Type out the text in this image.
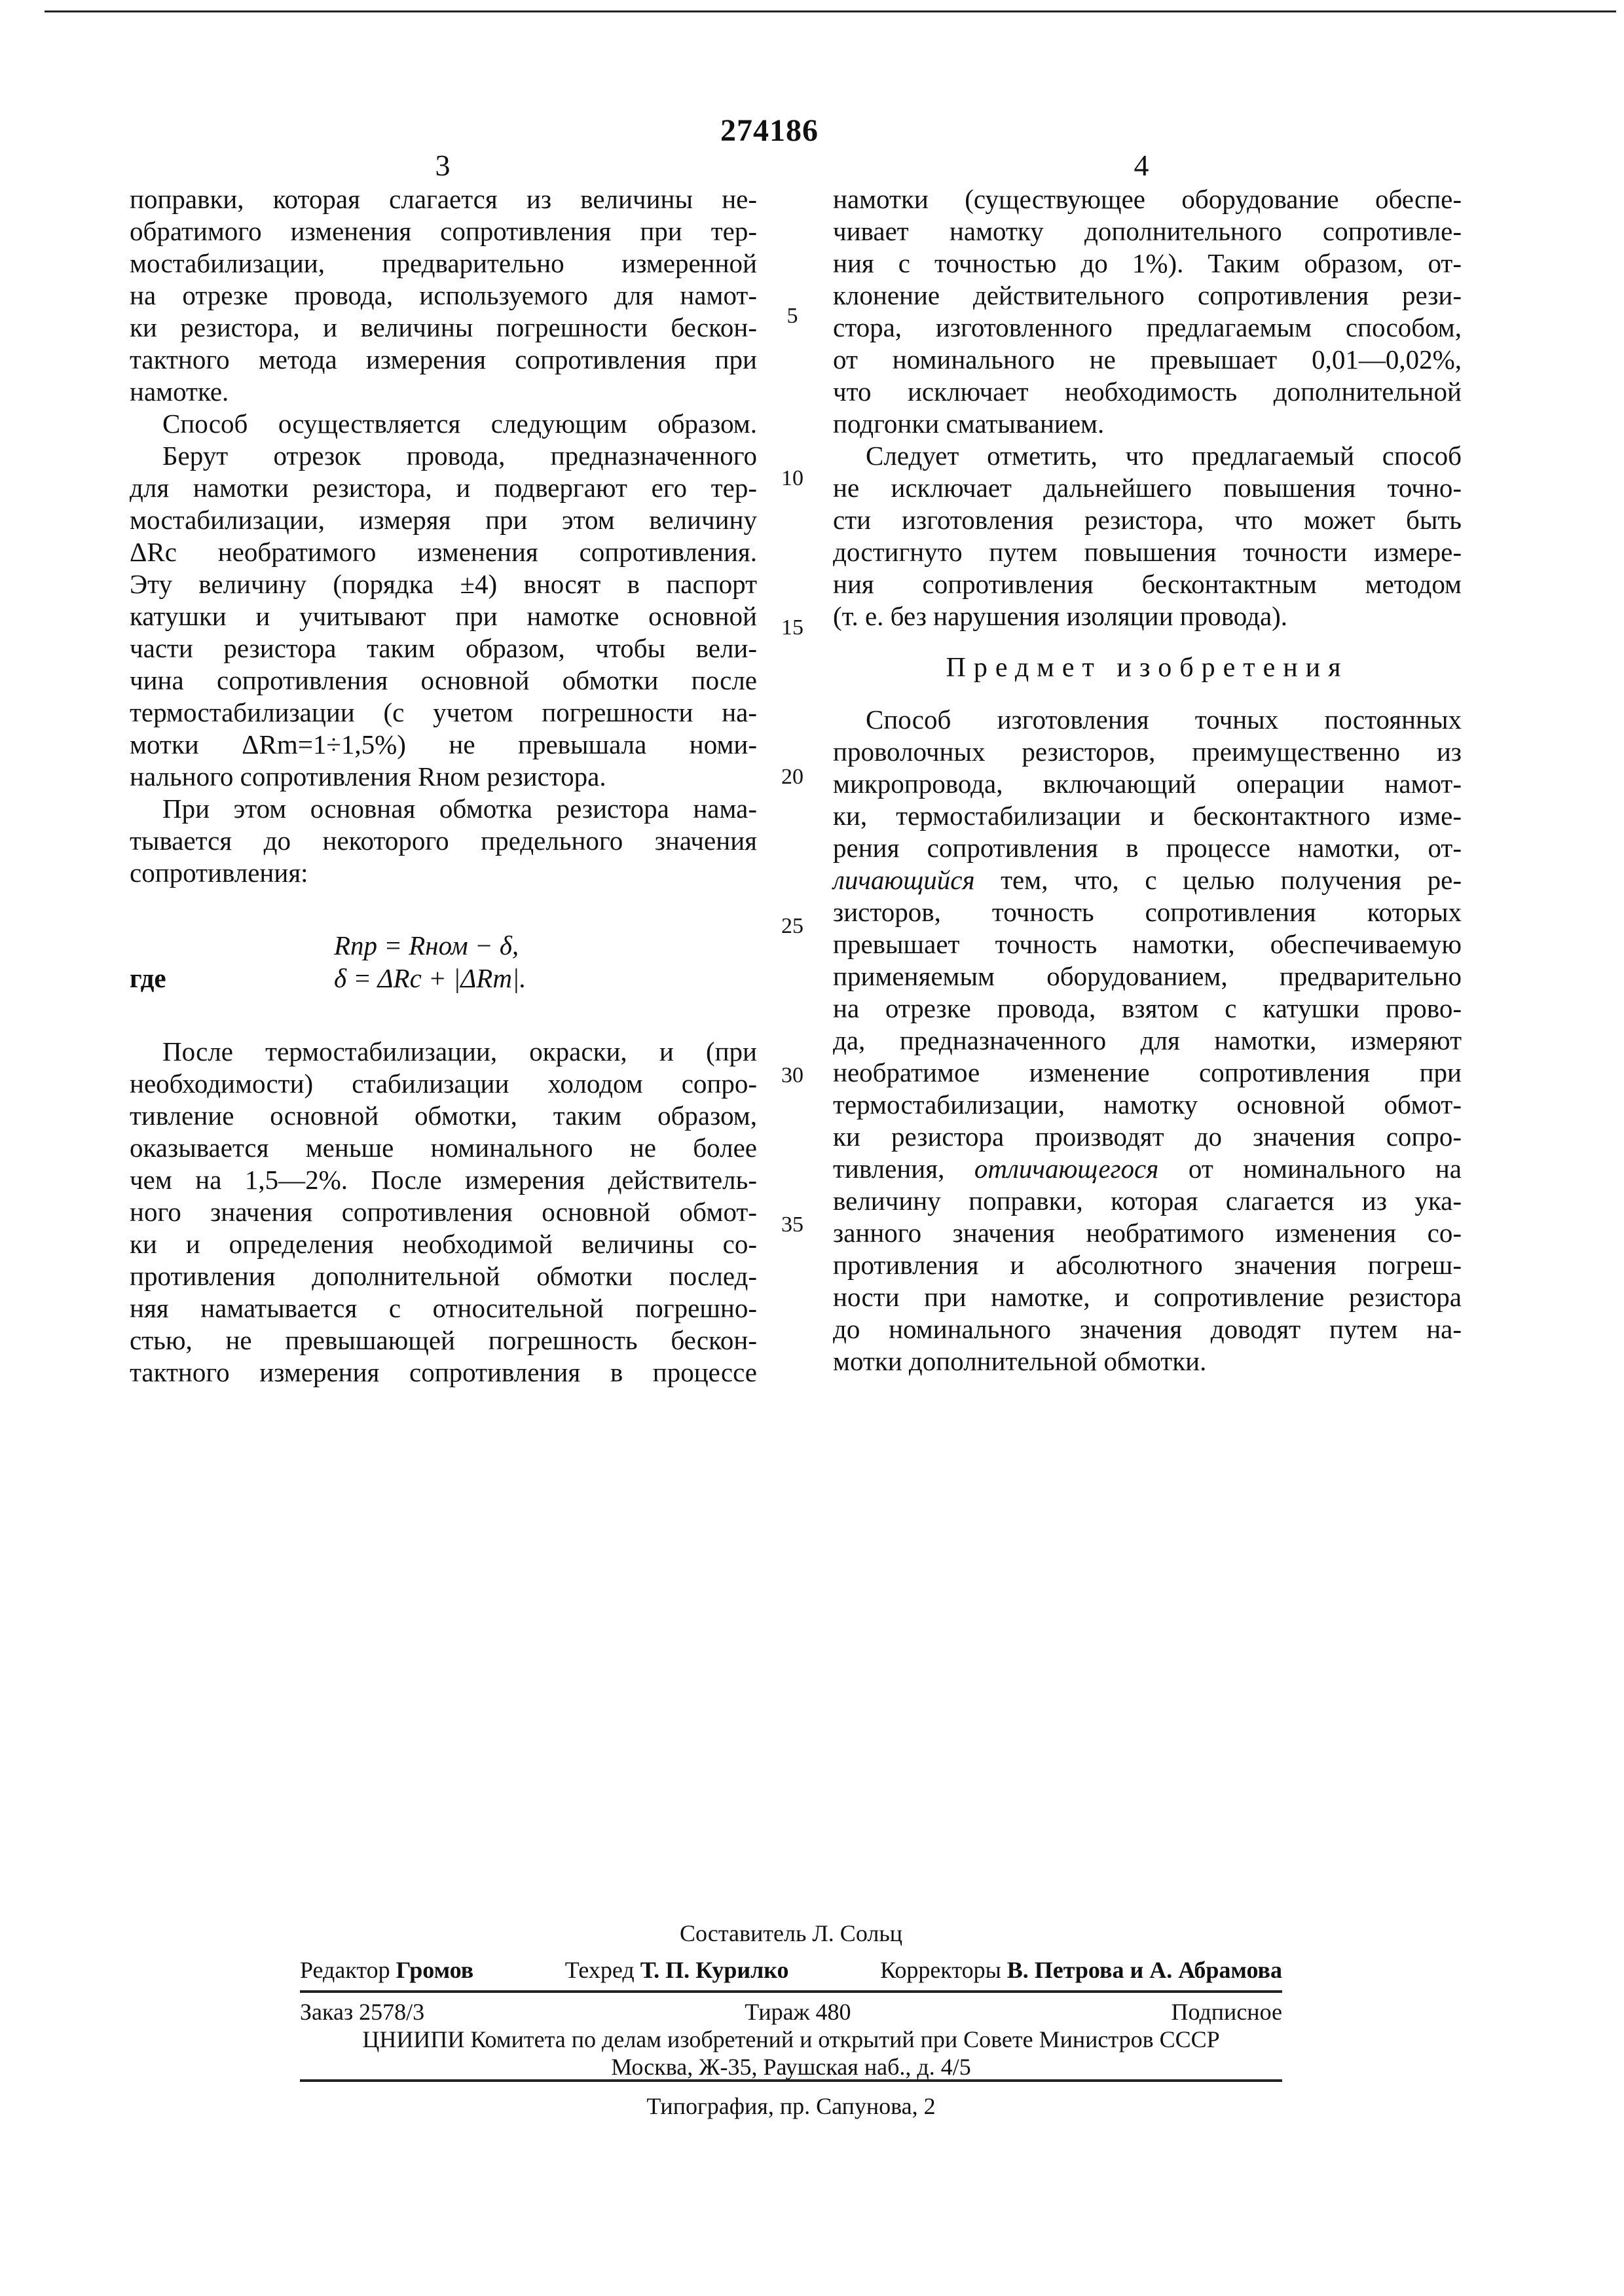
274186
3	4
поправки, которая слагается из величины не-
обратимого изменения сопротивления при тер-
мостабилизации, предварительно измеренной
на отрезке провода, используемого для намот-
ки резистора, и величины погрешности бескон-
тактного метода измерения сопротивления при
намотке.
Способ осуществляется следующим образом.
Берут отрезок провода, предназначенного
для намотки резистора, и подвергают его тер-
мостабилизации, измеряя при этом величину
ΔRс необратимого изменения сопротивления.
Эту величину (порядка ±4) вносят в паспорт
катушки и учитывают при намотке основной
части резистора таким образом, чтобы вели-
чина сопротивления основной обмотки после
термостабилизации (с учетом погрешности на-
мотки ΔRm=1÷1,5%) не превышала номи-
нального сопротивления Rном резистора.
При этом основная обмотка резистора нама-
тывается до некоторого предельного значения
сопротивления:
Rпр = Rном − δ,
где	δ = ΔRс + |ΔRm|.
После термостабилизации, окраски, и (при
необходимости) стабилизации холодом сопро-
тивление основной обмотки, таким образом,
оказывается меньше номинального не более
чем на 1,5—2%. После измерения действитель-
ного значения сопротивления основной обмот-
ки и определения необходимой величины со-
противления дополнительной обмотки послед-
няя наматывается с относительной погрешно-
стью, не превышающей погрешность бескон-
тактного измерения сопротивления в процессе
5
10
15
20
25
30
35
намотки (существующее оборудование обеспе-
чивает намотку дополнительного сопротивле-
ния с точностью до 1%). Таким образом, от-
клонение действительного сопротивления рези-
стора, изготовленного предлагаемым способом,
от номинального не превышает 0,01—0,02%,
что исключает необходимость дополнительной
подгонки сматыванием.
Следует отметить, что предлагаемый способ
не исключает дальнейшего повышения точно-
сти изготовления резистора, что может быть
достигнуто путем повышения точности измере-
ния сопротивления бесконтактным методом
(т. е. без нарушения изоляции провода).
Предмет изобретения
Способ изготовления точных постоянных
проволочных резисторов, преимущественно из
микропровода, включающий операции намот-
ки, термостабилизации и бесконтактного изме-
рения сопротивления в процессе намотки, от-
личающийся тем, что, с целью получения ре-
зисторов, точность сопротивления которых
превышает точность намотки, обеспечиваемую
применяемым оборудованием, предварительно
на отрезке провода, взятом с катушки прово-
да, предназначенного для намотки, измеряют
необратимое изменение сопротивления при
термостабилизации, намотку основной обмот-
ки резистора производят до значения сопро-
тивления, отличающегося от номинального на
величину поправки, которая слагается из ука-
занного значения необратимого изменения со-
противления и абсолютного значения погреш-
ности при намотке, и сопротивление резистора
до номинального значения доводят путем на-
мотки дополнительной обмотки.
Составитель Л. Сольц
Редактор Громов	Техред Т. П. Курилко	Корректоры В. Петрова и А. Абрамова
Заказ 2578/3	Тираж 480	Подписное
ЦНИИПИ Комитета по делам изобретений и открытий при Совете Министров СССР
Москва, Ж-35, Раушская наб., д. 4/5
Типография, пр. Сапунова, 2
